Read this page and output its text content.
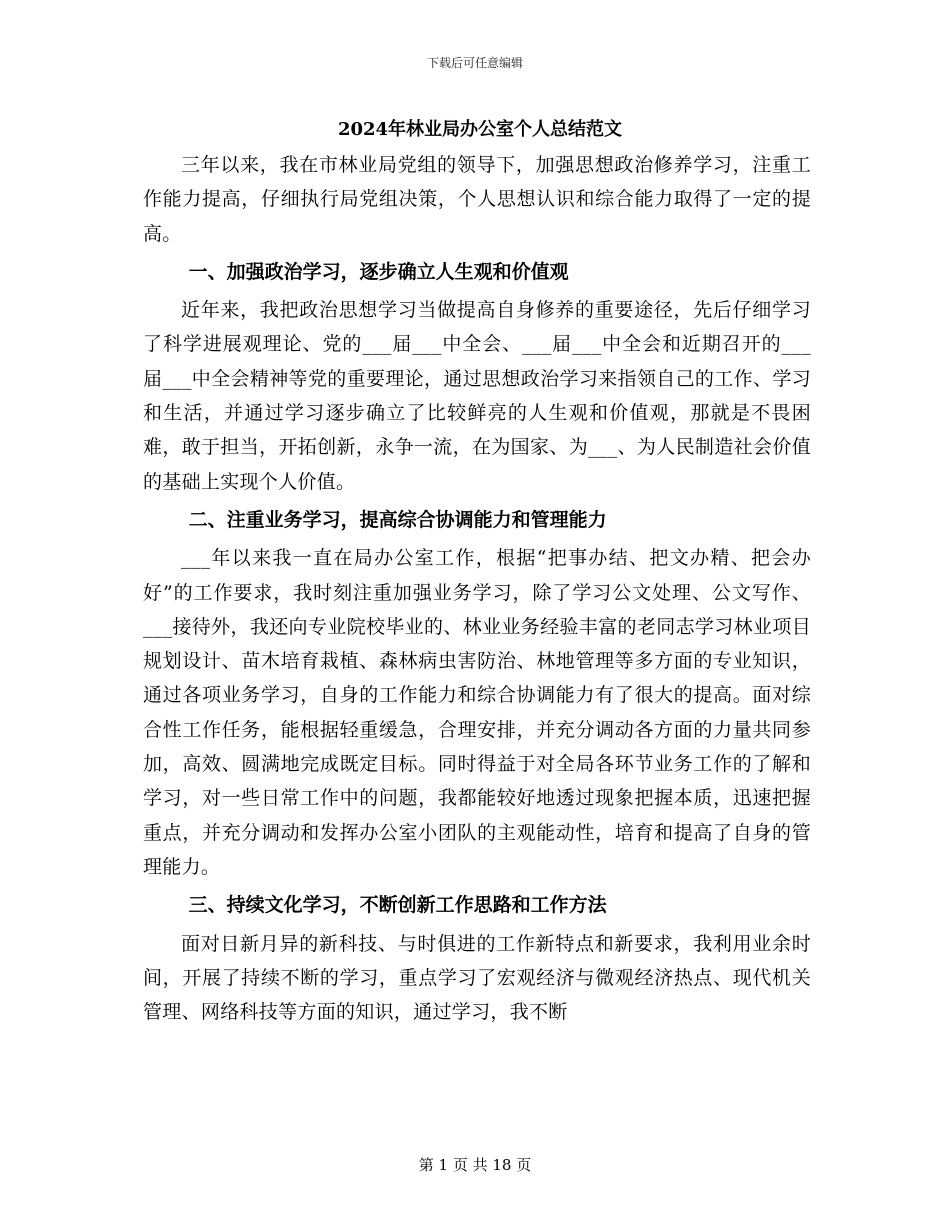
下载后可任意编辑
2024年林业局办公室个人总结范文

三年以来，我在市林业局党组的领导下，加强思想政治修养学习，注重工作能力提高，仔细执行局党组决策，个人思想认识和综合能力取得了一定的提高。

一、加强政治学习，逐步确立人生观和价值观

近年来，我把政治思想学习当做提高自身修养的重要途径，先后仔细学习了科学进展观理论、党的___届___中全会、___届___中全会和近期召开的___届___中全会精神等党的重要理论，通过思想政治学习来指领自己的工作、学习和生活，并通过学习逐步确立了比较鲜亮的人生观和价值观，那就是不畏困难，敢于担当，开拓创新，永争一流，在为国家、为___、为人民制造社会价值的基础上实现个人价值。

二、注重业务学习，提高综合协调能力和管理能力

___年以来我一直在局办公室工作，根据“把事办结、把文办精、把会办好”的工作要求，我时刻注重加强业务学习，除了学习公文处理、公文写作、___接待外，我还向专业院校毕业的、林业业务经验丰富的老同志学习林业项目规划设计、苗木培育栽植、森林病虫害防治、林地管理等多方面的专业知识，通过各项业务学习，自身的工作能力和综合协调能力有了很大的提高。面对综合性工作任务，能根据轻重缓急，合理安排，并充分调动各方面的力量共同参加，高效、圆满地完成既定目标。同时得益于对全局各环节业务工作的了解和学习，对一些日常工作中的问题，我都能较好地透过现象把握本质，迅速把握重点，并充分调动和发挥办公室小团队的主观能动性，培育和提高了自身的管理能力。

三、持续文化学习，不断创新工作思路和工作方法

面对日新月异的新科技、与时俱进的工作新特点和新要求，我利用业余时间，开展了持续不断的学习，重点学习了宏观经济与微观经济热点、现代机关管理、网络科技等方面的知识，通过学习，我不断

第 1 页 共 18 页
